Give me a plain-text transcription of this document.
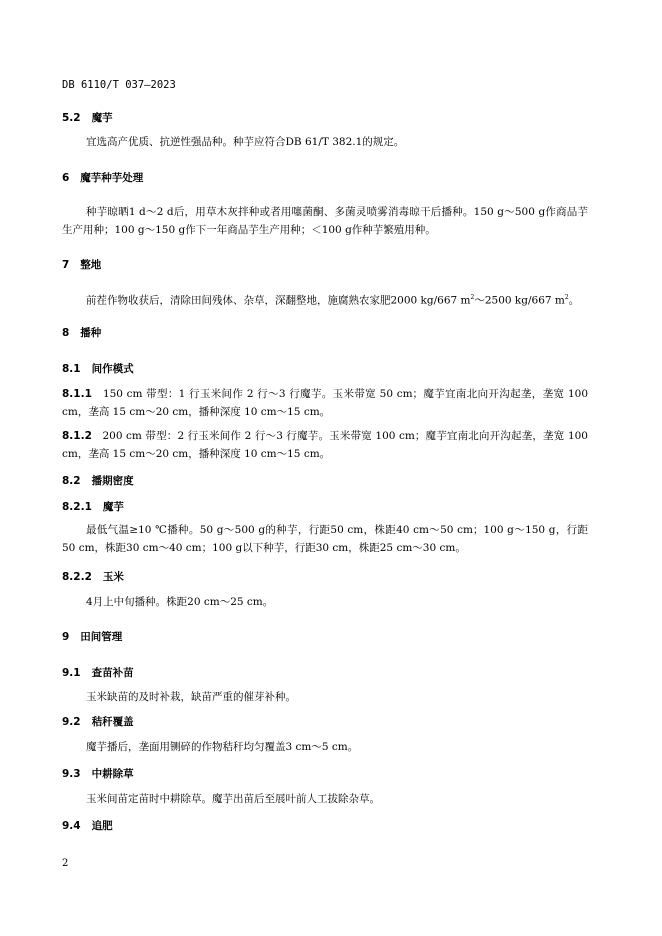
DB 6110/T 037—2023
5.2 魔芋
宜选高产优质、抗逆性强品种。种芋应符合DB 61/T 382.1的规定。
6 魔芋种芋处理
种芋晾晒1 d～2 d后，用草木灰拌种或者用噻菌酮、多菌灵喷雾消毒晾干后播种。150 g～500 g作商品芋生产用种；100 g～150 g作下一年商品芋生产用种；＜100 g作种芋繁殖用种。
7 整地
前茬作物收获后，清除田间残体、杂草，深翻整地，施腐熟农家肥2000 kg/667 $m^2\sim 2500$ kg/667 $m^2$。
8 播种
8.1 间作模式
8.1.1 150 cm 带型：1 行玉米间作 2 行～3 行魔芋。玉米带宽 50 cm；魔芋宜南北向开沟起垄，垄宽 100 cm，垄高 15 cm～20 cm，播种深度 10 cm～15 cm。
8.1.2 200 cm 带型：2 行玉米间作 2 行～3 行魔芋。玉米带宽 100 cm；魔芋宜南北向开沟起垄，垄宽 100 cm，垄高 15 cm～20 cm，播种深度 10 cm～15 cm。
8.2 播期密度
8.2.1 魔芋
最低气温≥10 ℃播种。50 g～500 g的种芋，行距50 cm，株距40 cm～50 cm；100 g～150 g，行距50 cm，株距30 cm～40 cm；100 g以下种芋，行距30 cm，株距25 cm～30 cm。
8.2.2 玉米
4月上中旬播种。株距20 cm～25 cm。
9 田间管理
9.1 查苗补苗
玉米缺苗的及时补栽，缺苗严重的催芽补种。
9.2 秸秆覆盖
魔芋播后，垄面用铡碎的作物秸秆均匀覆盖3 cm～5 cm。
9.3 中耕除草
玉米间苗定苗时中耕除草。魔芋出苗后至展叶前人工拔除杂草。
9.4 追肥
2
